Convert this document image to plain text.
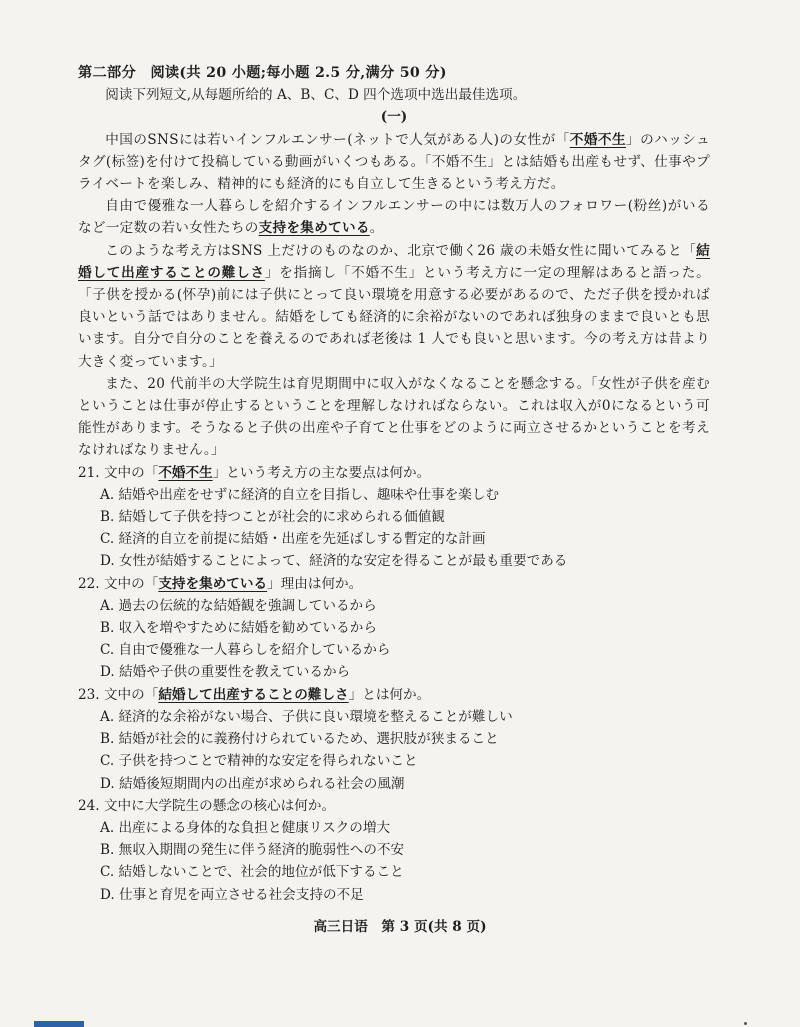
第二部分　阅读(共 20 小题;每小题 2.5 分,满分 50 分)
阅读下列短文,从每题所给的 A、B、C、D 四个选项中选出最佳选项。
(一)
中国のSNSには若いインフルエンサー(ネットで人気がある人)の女性が「不婚不生」のハッシュタグ(标签)を付けて投稿している動画がいくつもある。「不婚不生」とは結婚も出産もせず、仕事やプライベートを楽しみ、精神的にも経済的にも自立して生きるという考え方だ。
自由で優雅な一人暮らしを紹介するインフルエンサーの中には数万人のフォロワー(粉丝)がいるなど一定数の若い女性たちの支持を集めている。
このような考え方はSNS 上だけのものなのか、北京で働く26 歳の未婚女性に聞いてみると「結婚して出産することの難しさ」を指摘し「不婚不生」という考え方に一定の理解はあると語った。「子供を授かる(怀孕)前には子供にとって良い環境を用意する必要があるので、ただ子供を授かれば良いという話ではありません。結婚をしても経済的に余裕がないのであれば独身のままで良いとも思います。自分で自分のことを養えるのであれば老後は 1 人でも良いと思います。今の考え方は昔より大きく変っています。」
また、20 代前半の大学院生は育児期間中に収入がなくなることを懸念する。「女性が子供を産むということは仕事が停止するということを理解しなければならない。これは収入が0になるという可能性があります。そうなると子供の出産や子育てと仕事をどのように両立させるかということを考えなければなりません。」
21. 文中の「不婚不生」という考え方の主な要点は何か。
A. 結婚や出産をせずに経済的自立を目指し、趣味や仕事を楽しむ
B. 結婚して子供を持つことが社会的に求められる価値観
C. 経済的自立を前提に結婚・出産を先延ばしする暫定的な計画
D. 女性が結婚することによって、経済的な安定を得ることが最も重要である
22. 文中の「支持を集めている」理由は何か。
A. 過去の伝統的な結婚観を強調しているから
B. 収入を増やすために結婚を勧めているから
C. 自由で優雅な一人暮らしを紹介しているから
D. 結婚や子供の重要性を教えているから
23. 文中の「結婚して出産することの難しさ」とは何か。
A. 経済的な余裕がない場合、子供に良い環境を整えることが難しい
B. 結婚が社会的に義務付けられているため、選択肢が狭まること
C. 子供を持つことで精神的な安定を得られないこと
D. 結婚後短期間内の出産が求められる社会の風潮
24. 文中に大学院生の懸念の核心は何か。
A. 出産による身体的な負担と健康リスクの増大
B. 無収入期間の発生に伴う経済的脆弱性への不安
C. 結婚しないことで、社会的地位が低下すること
D. 仕事と育児を両立させる社会支持の不足
高三日语　第 3 页(共 8 页)
